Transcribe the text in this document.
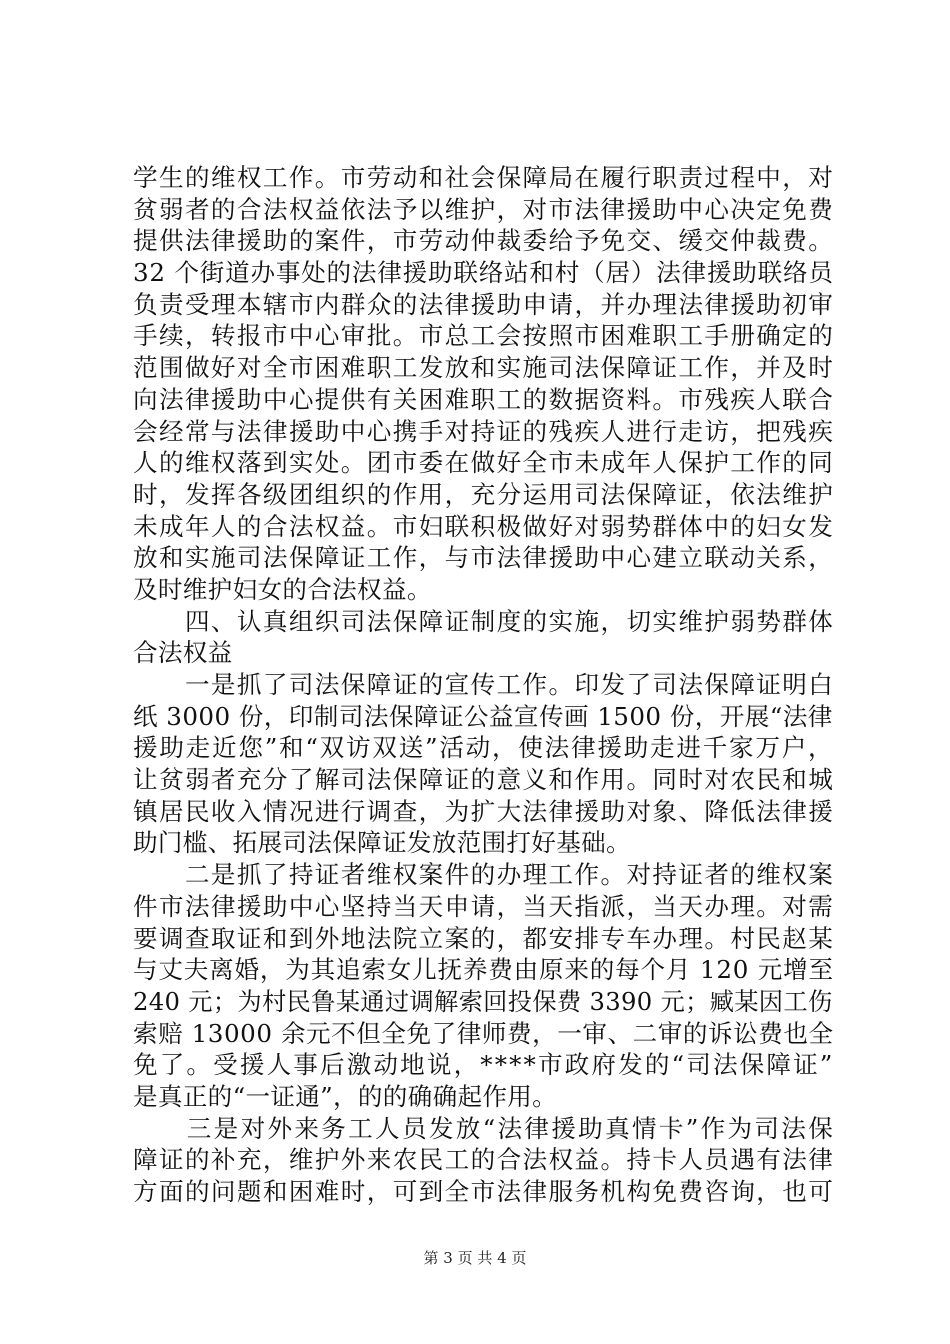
学生的维权工作。市劳动和社会保障局在履行职责过程中，对
贫弱者的合法权益依法予以维护，对市法律援助中心决定免费
提供法律援助的案件，市劳动仲裁委给予免交、缓交仲裁费。
32 个街道办事处的法律援助联络站和村（居）法律援助联络员
负责受理本辖市内群众的法律援助申请，并办理法律援助初审
手续，转报市中心审批。市总工会按照市困难职工手册确定的
范围做好对全市困难职工发放和实施司法保障证工作，并及时
向法律援助中心提供有关困难职工的数据资料。市残疾人联合
会经常与法律援助中心携手对持证的残疾人进行走访，把残疾
人的维权落到实处。团市委在做好全市未成年人保护工作的同
时，发挥各级团组织的作用，充分运用司法保障证，依法维护
未成年人的合法权益。市妇联积极做好对弱势群体中的妇女发
放和实施司法保障证工作，与市法律援助中心建立联动关系，
及时维护妇女的合法权益。
　　四、认真组织司法保障证制度的实施，切实维护弱势群体
合法权益
　　一是抓了司法保障证的宣传工作。印发了司法保障证明白
纸 3000 份，印制司法保障证公益宣传画 1500 份，开展“法律
援助走近您”和“双访双送”活动，使法律援助走进千家万户，
让贫弱者充分了解司法保障证的意义和作用。同时对农民和城
镇居民收入情况进行调查，为扩大法律援助对象、降低法律援
助门槛、拓展司法保障证发放范围打好基础。
　　二是抓了持证者维权案件的办理工作。对持证者的维权案
件市法律援助中心坚持当天申请，当天指派，当天办理。对需
要调查取证和到外地法院立案的，都安排专车办理。村民赵某
与丈夫离婚，为其追索女儿抚养费由原来的每个月 120 元增至
240 元；为村民鲁某通过调解索回投保费 3390 元；臧某因工伤
索赔 13000 余元不但全免了律师费，一审、二审的诉讼费也全
免了。受援人事后激动地说，****市政府发的“司法保障证”
是真正的“一证通”，的的确确起作用。
　　三是对外来务工人员发放“法律援助真情卡”作为司法保
障证的补充，维护外来农民工的合法权益。持卡人员遇有法律
方面的问题和困难时，可到全市法律服务机构免费咨询，也可
第 3 页 共 4 页
